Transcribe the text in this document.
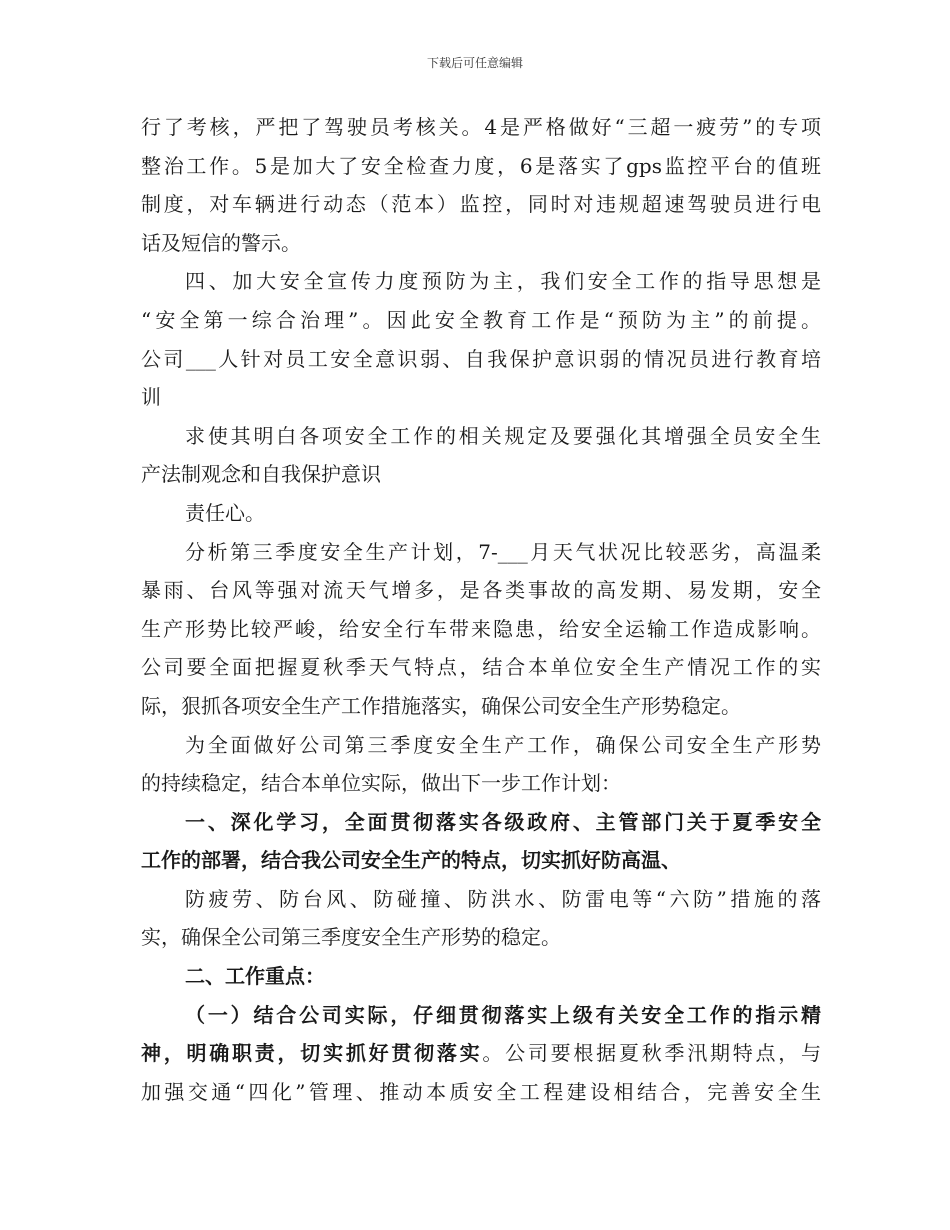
下载后可任意编辑
行了考核，严把了驾驶员考核关。4是严格做好“三超一疲劳”的专项
整治工作。5是加大了安全检查力度，6是落实了gps监控平台的值班
制度，对车辆进行动态（范本）监控，同时对违规超速驾驶员进行电
话及短信的警示。
四、加大安全宣传力度预防为主，我们安全工作的指导思想是
“安全第一综合治理”。因此安全教育工作是“预防为主”的前提。
公司___人针对员工安全意识弱、自我保护意识弱的情况员进行教育培
训
求使其明白各项安全工作的相关规定及要强化其增强全员安全生
产法制观念和自我保护意识
责任心。
分析第三季度安全生产计划，7-___月天气状况比较恶劣，高温柔
暴雨、台风等强对流天气增多，是各类事故的高发期、易发期，安全
生产形势比较严峻，给安全行车带来隐患，给安全运输工作造成影响。
公司要全面把握夏秋季天气特点，结合本单位安全生产情况工作的实
际，狠抓各项安全生产工作措施落实，确保公司安全生产形势稳定。
为全面做好公司第三季度安全生产工作，确保公司安全生产形势
的持续稳定，结合本单位实际，做出下一步工作计划：
一、深化学习，全面贯彻落实各级政府、主管部门关于夏季安全
工作的部署，结合我公司安全生产的特点，切实抓好防高温、
防疲劳、防台风、防碰撞、防洪水、防雷电等“六防”措施的落
实，确保全公司第三季度安全生产形势的稳定。
二、工作重点：
（一）结合公司实际，仔细贯彻落实上级有关安全工作的指示精
神，明确职责，切实抓好贯彻落实。公司要根据夏秋季汛期特点，与
加强交通“四化”管理、推动本质安全工程建设相结合，完善安全生
